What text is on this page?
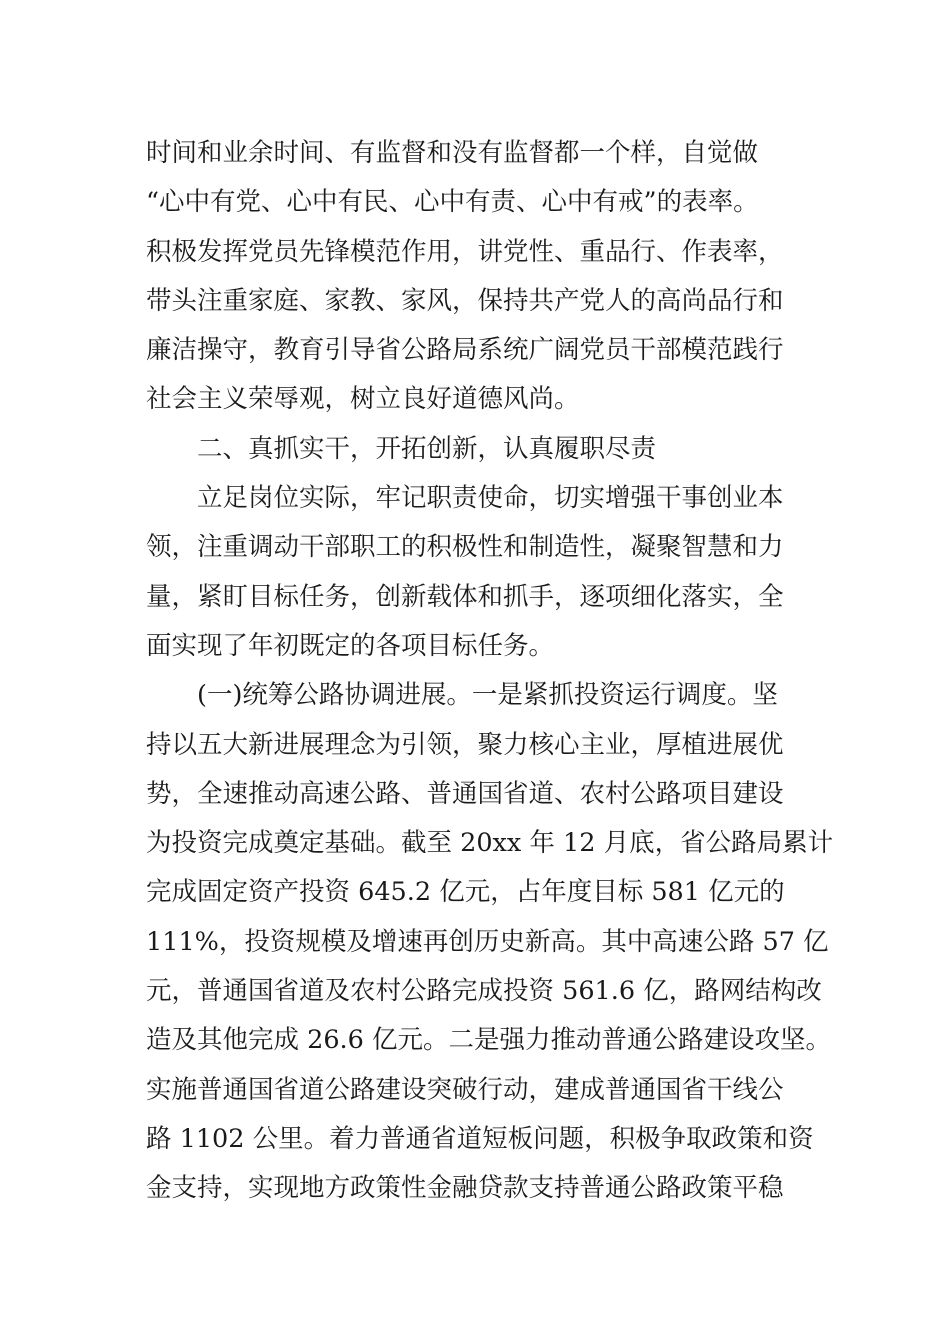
时间和业余时间、有监督和没有监督都一个样，自觉做

“心中有党、心中有民、心中有责、心中有戒”的表率。

积极发挥党员先锋模范作用，讲党性、重品行、作表率，

带头注重家庭、家教、家风，保持共产党人的高尚品行和

廉洁操守，教育引导省公路局系统广阔党员干部模范践行

社会主义荣辱观，树立良好道德风尚。

二、真抓实干，开拓创新，认真履职尽责

立足岗位实际，牢记职责使命，切实增强干事创业本

领，注重调动干部职工的积极性和制造性，凝聚智慧和力

量，紧盯目标任务，创新载体和抓手，逐项细化落实，全

面实现了年初既定的各项目标任务。

(一)统筹公路协调进展。一是紧抓投资运行调度。坚

持以五大新进展理念为引领，聚力核心主业，厚植进展优

势，全速推动高速公路、普通国省道、农村公路项目建设

为投资完成奠定基础。截至 20xx 年 12 月底，省公路局累计

完成固定资产投资 645.2 亿元，占年度目标 581 亿元的

111%，投资规模及增速再创历史新高。其中高速公路 57 亿

元，普通国省道及农村公路完成投资 561.6 亿，路网结构改

造及其他完成 26.6 亿元。二是强力推动普通公路建设攻坚。

实施普通国省道公路建设突破行动，建成普通国省干线公

路 1102 公里。着力普通省道短板问题，积极争取政策和资

金支持，实现地方政策性金融贷款支持普通公路政策平稳
